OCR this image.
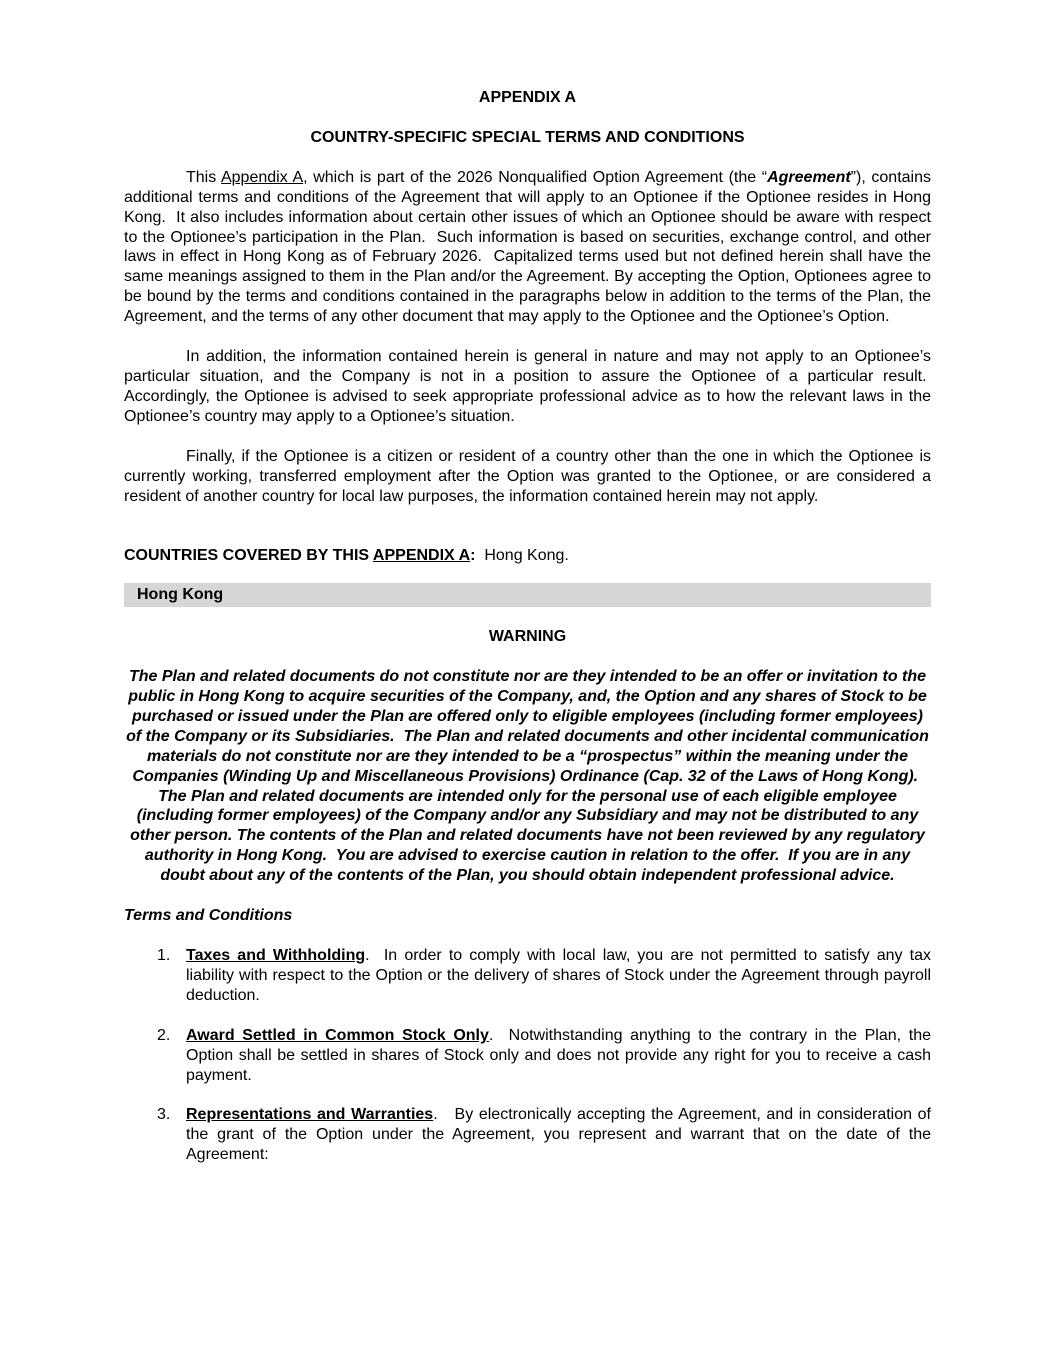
APPENDIX A
COUNTRY-SPECIFIC SPECIAL TERMS AND CONDITIONS

This Appendix A, which is part of the 2026 Nonqualified Option Agreement (the “Agreement”), contains additional terms and conditions of the Agreement that will apply to an Optionee if the Optionee resides in Hong Kong.  It also includes information about certain other issues of which an Optionee should be aware with respect to the Optionee’s participation in the Plan.  Such information is based on securities, exchange control, and other laws in effect in Hong Kong as of February 2026.  Capitalized terms used but not defined herein shall have the same meanings assigned to them in the Plan and/or the Agreement. By accepting the Option, Optionees agree to be bound by the terms and conditions contained in the paragraphs below in addition to the terms of the Plan, the Agreement, and the terms of any other document that may apply to the Optionee and the Optionee’s Option.

In addition, the information contained herein is general in nature and may not apply to an Optionee’s particular situation, and the Company is not in a position to assure the Optionee of a particular result.  Accordingly, the Optionee is advised to seek appropriate professional advice as to how the relevant laws in the Optionee’s country may apply to a Optionee’s situation.

Finally, if the Optionee is a citizen or resident of a country other than the one in which the Optionee is currently working, transferred employment after the Option was granted to the Optionee, or are considered a resident of another country for local law purposes, the information contained herein may not apply.

COUNTRIES COVERED BY THIS APPENDIX A:  Hong Kong.

Hong Kong
WARNING

The Plan and related documents do not constitute nor are they intended to be an offer or invitation to the public in Hong Kong to acquire securities of the Company, and, the Option and any shares of Stock to be purchased or issued under the Plan are offered only to eligible employees (including former employees) of the Company or its Subsidiaries.  The Plan and related documents and other incidental communication materials do not constitute nor are they intended to be a “prospectus” within the meaning under the Companies (Winding Up and Miscellaneous Provisions) Ordinance (Cap. 32 of the Laws of Hong Kong).  The Plan and related documents are intended only for the personal use of each eligible employee (including former employees) of the Company and/or any Subsidiary and may not be distributed to any other person. The contents of the Plan and related documents have not been reviewed by any regulatory authority in Hong Kong.  You are advised to exercise caution in relation to the offer.  If you are in any doubt about any of the contents of the Plan, you should obtain independent professional advice.

Terms and Conditions
1. Taxes and Withholding.  In order to comply with local law, you are not permitted to satisfy any tax liability with respect to the Option or the delivery of shares of Stock under the Agreement through payroll deduction.
2. Award Settled in Common Stock Only.  Notwithstanding anything to the contrary in the Plan, the Option shall be settled in shares of Stock only and does not provide any right for you to receive a cash payment.
3. Representations and Warranties.   By electronically accepting the Agreement, and in consideration of the grant of the Option under the Agreement, you represent and warrant that on the date of the Agreement:
